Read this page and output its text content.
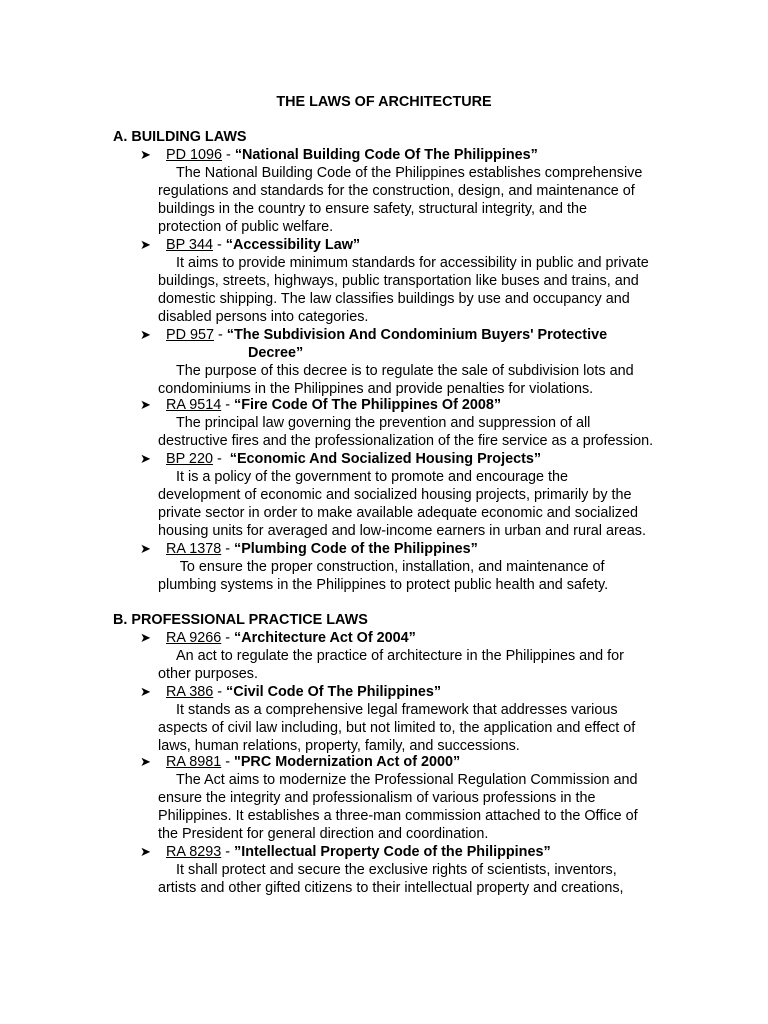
THE LAWS OF ARCHITECTURE
A. BUILDING LAWS
➤	PD 1096 - “National Building Code Of The Philippines”
The National Building Code of the Philippines establishes comprehensive
regulations and standards for the construction, design, and maintenance of
buildings in the country to ensure safety, structural integrity, and the
protection of public welfare.
➤	BP 344 - “Accessibility Law”
It aims to provide minimum standards for accessibility in public and private
buildings, streets, highways, public transportation like buses and trains, and
domestic shipping. The law classifies buildings by use and occupancy and
disabled persons into categories.
➤	PD 957 - “The Subdivision And Condominium Buyers' Protective
Decree”
The purpose of this decree is to regulate the sale of subdivision lots and
condominiums in the Philippines and provide penalties for violations.
➤	RA 9514 - “Fire Code Of The Philippines Of 2008”
The principal law governing the prevention and suppression of all
destructive fires and the professionalization of the fire service as a profession.
➤	BP 220 -  “Economic And Socialized Housing Projects”
It is a policy of the government to promote and encourage the
development of economic and socialized housing projects, primarily by the
private sector in order to make available adequate economic and socialized
housing units for averaged and low-income earners in urban and rural areas.
➤	RA 1378 - “Plumbing Code of the Philippines”
To ensure the proper construction, installation, and maintenance of
plumbing systems in the Philippines to protect public health and safety.
B. PROFESSIONAL PRACTICE LAWS
➤	RA 9266 - “Architecture Act Of 2004”
An act to regulate the practice of architecture in the Philippines and for
other purposes.
➤	RA 386 - “Civil Code Of The Philippines”
It stands as a comprehensive legal framework that addresses various
aspects of civil law including, but not limited to, the application and effect of
laws, human relations, property, family, and successions.
➤	RA 8981 - "PRC Modernization Act of 2000”
The Act aims to modernize the Professional Regulation Commission and
ensure the integrity and professionalism of various professions in the
Philippines. It establishes a three-man commission attached to the Office of
the President for general direction and coordination.
➤	RA 8293 - ”Intellectual Property Code of the Philippines”
It shall protect and secure the exclusive rights of scientists, inventors,
artists and other gifted citizens to their intellectual property and creations,
